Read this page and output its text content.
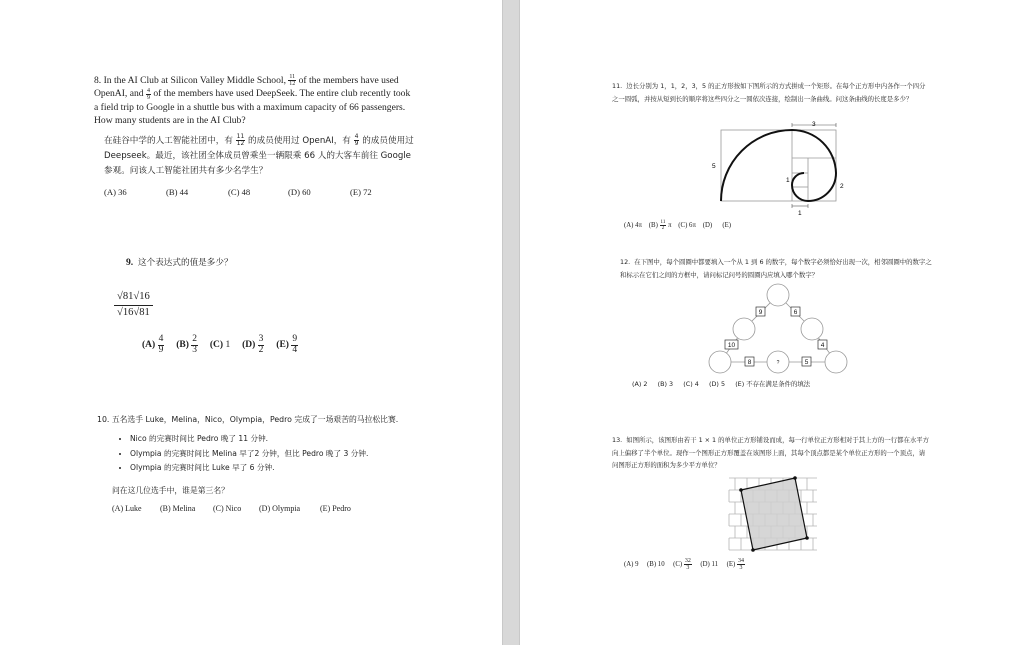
8. In the AI Club at Silicon Valley Middle School, $\frac{11}{12}$ of the members have used OpenAI, and $\frac{4}{9}$ of the members have used DeepSeek. The entire club recently took a field trip to Google in a shuttle bus with a maximum capacity of 66 passengers. How many students are in the AI Club?
在硅谷中学的人工智能社团中，有 $\frac{11}{12}$ 的成员使用过 OpenAI，有 $\frac{4}{9}$ 的成员使用过 Deepseek。最近，该社团全体成员曾乘坐一辆限乘 66 人的大客车前往 Google 参观。问该人工智能社团共有多少名学生？
(A) 36	(B) 44	(C) 48	(D) 60	(E) 72
9. 这个表达式的值是多少？
$\frac{√81√16}{√16√81}$
$(A) \frac{4}{9} (B) \frac{2}{3} (C)$ 1 $(D) \frac{3}{2} (E) \frac{9}{4}$
10. 五名选手 Luke，Melina，Nico，Olympia，Pedro 完成了一场艰苦的马拉松比赛.
• Nico 的完赛时间比 Pedro 晚了 11 分钟.
• Olympia 的完赛时间比 Melina 早了2 分钟，但比 Pedro 晚了 3 分钟.
• Olympia 的完赛时间比 Luke 早了 6 分钟.
问在这几位选手中，谁是第三名？
(A) Luke (B) Melina (C) Nico (D) Olympia (E) Pedro
11. 边长分别为 1，1，2，3，5 的正方形按如下图所示的方式拼成一个矩形。在每个正方形中内各作一个四分之一圆弧，并按从短到长的顺序将这些四分之一圆依次连接，绘制出一条曲线。问这条曲线的长度是多少？
3
5
1
2
1
(A) 4π $(B) \frac{11}{2}$ π (C) 6π (D) (E)
12. 在下图中，每个圆圈中都要填入一个从 1 到 6 的数字，每个数字必须恰好出现一次，相邻圆圈中的数字之和标示在它们之间的方框中，请问标记问号的圆圈内应填入哪个数字？
9	6
10	4
8	5
?
(A) 2 (B) 3 (C) 4 (D) 5 (E) 不存在满足条件的填法
13. 如图所示，该图形由若干 1 × 1 的单位正方形铺设而成，每一行单位正方形相对于其上方的一行都在水平方向上偏移了半个单位。现作一个图形正方形覆盖在该图形上面，其每个顶点都是某个单位正方形的一个顶点，请问图形正方形的面积为多少平方单位？
(A) 9 (B) 10 $(C) \frac{32}{3} (D)$ 11 $(E) \frac{34}{3}$
